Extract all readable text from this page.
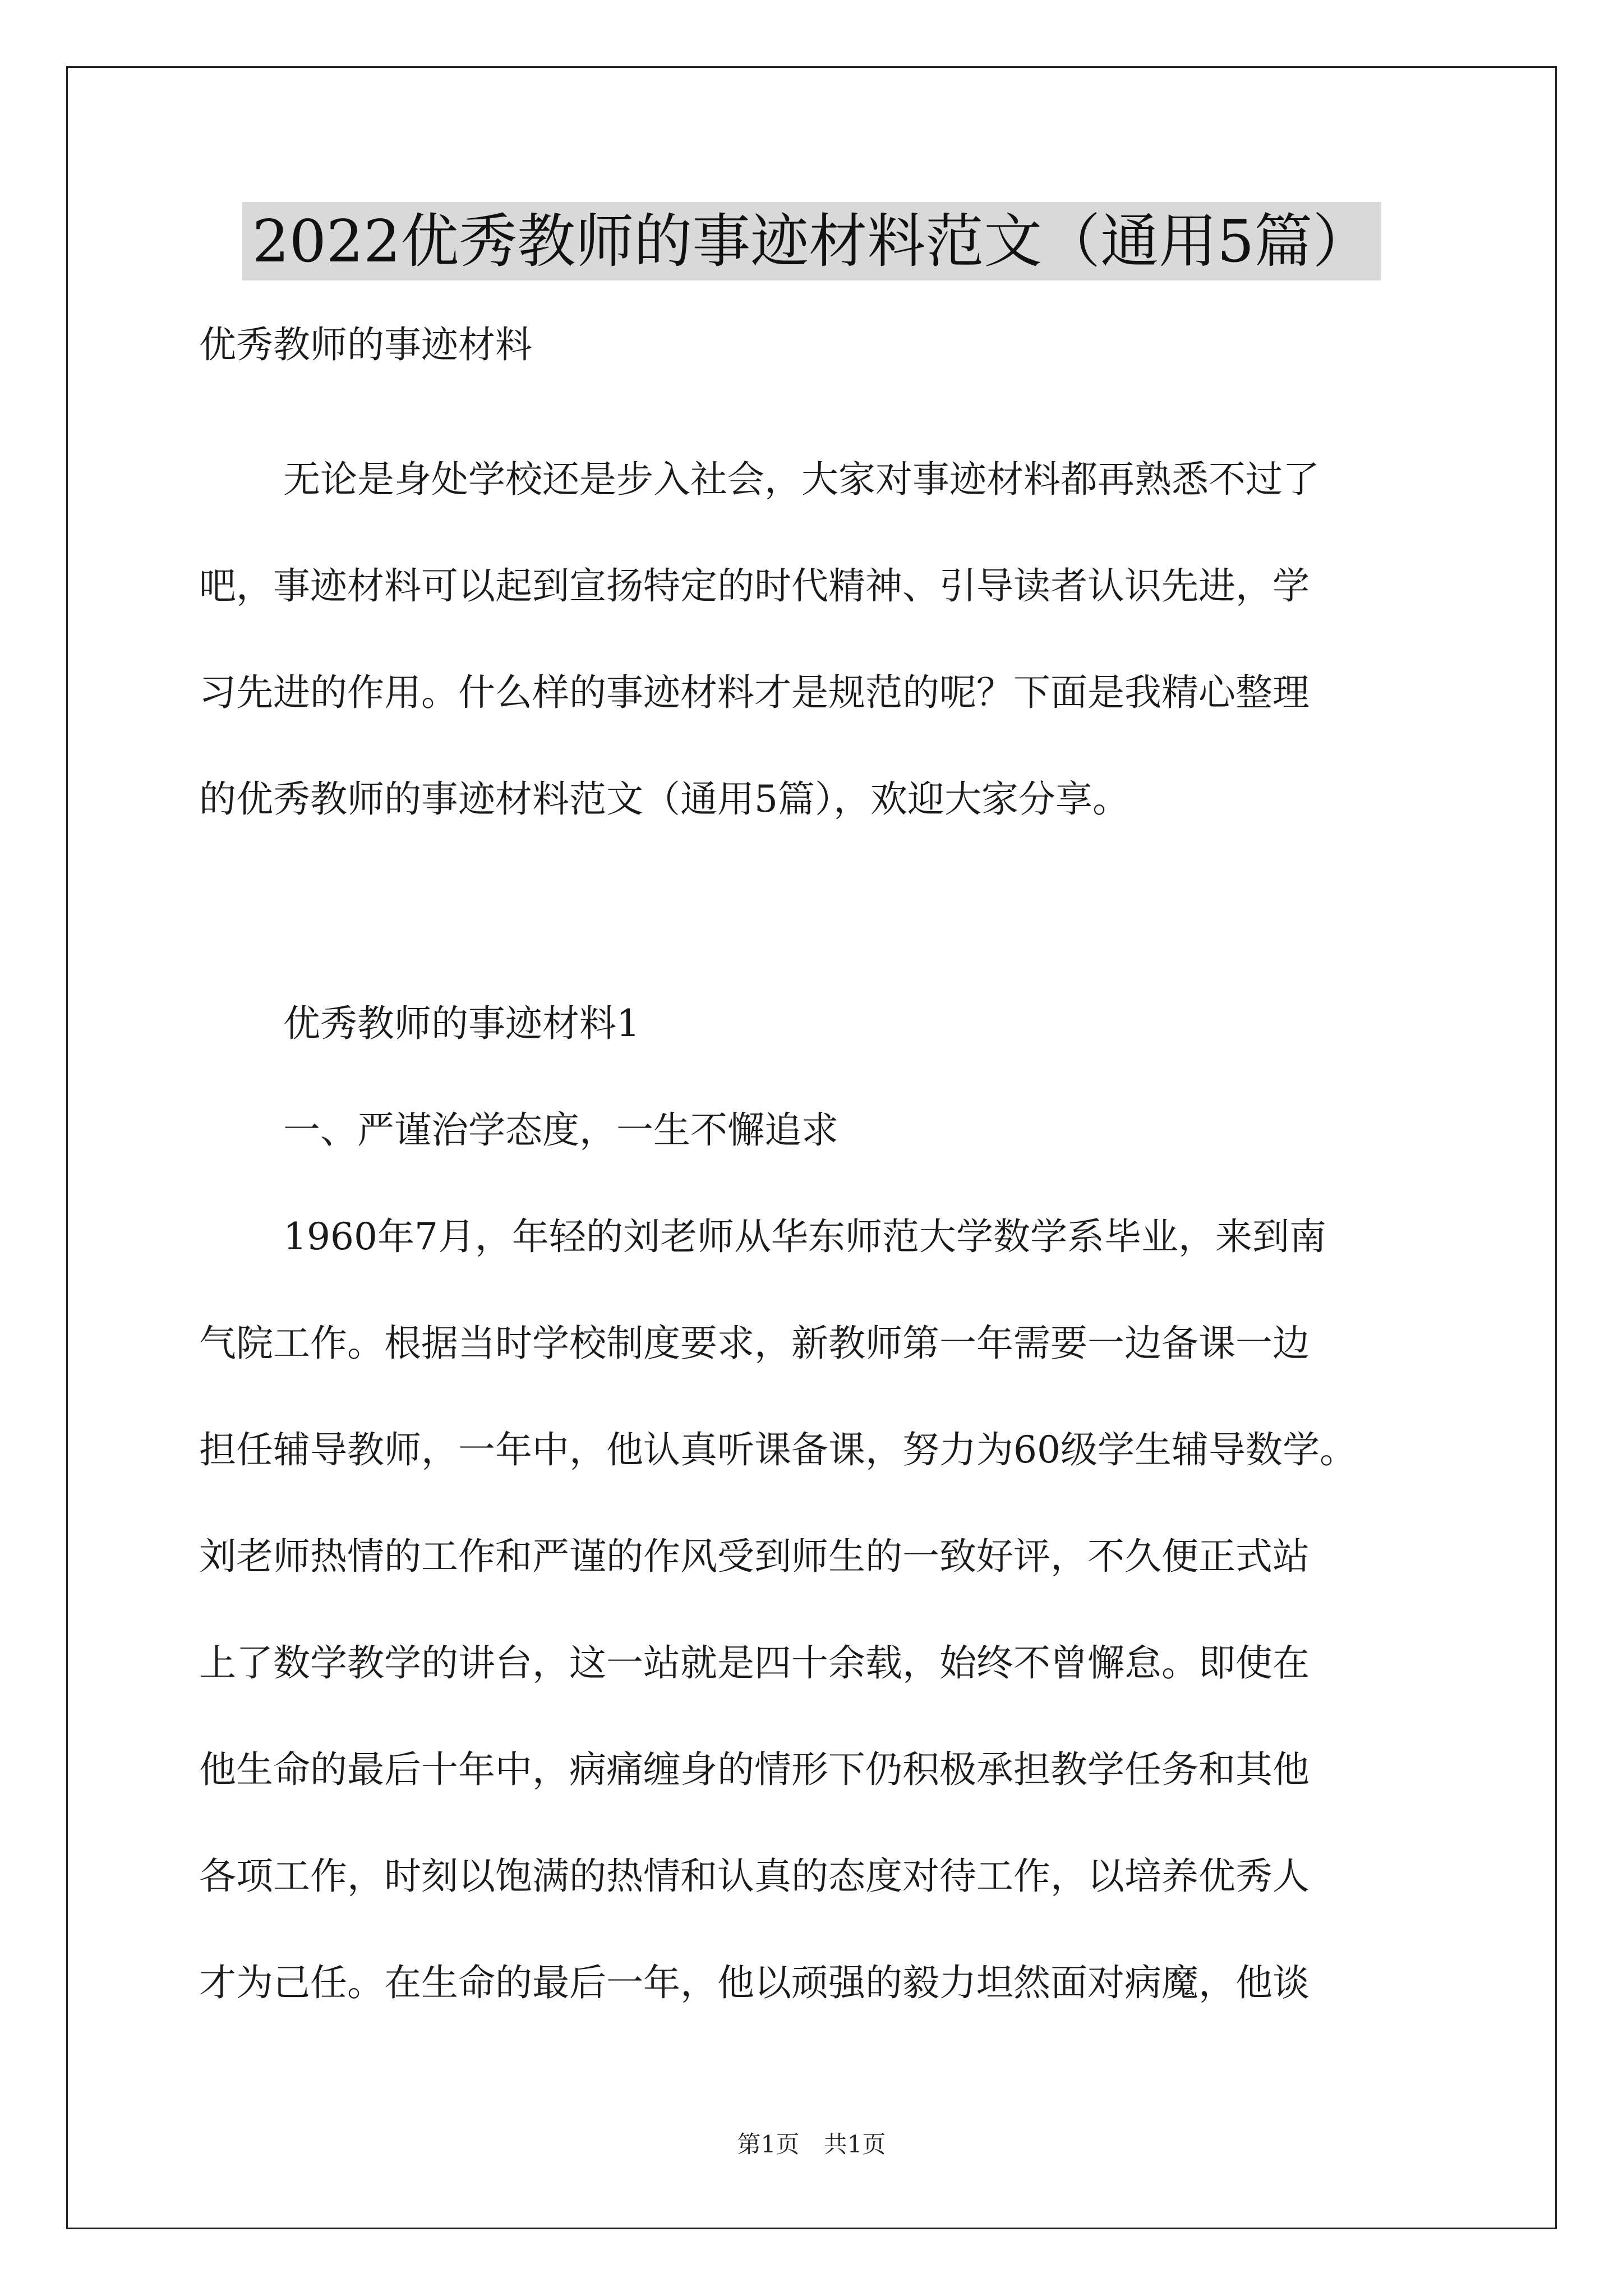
2022优秀教师的事迹材料范文（通用5篇）
优秀教师的事迹材料
无论是身处学校还是步入社会，大家对事迹材料都再熟悉不过了
吧，事迹材料可以起到宣扬特定的时代精神、引导读者认识先进，学
习先进的作用。什么样的事迹材料才是规范的呢？下面是我精心整理
的优秀教师的事迹材料范文（通用5篇），欢迎大家分享。
优秀教师的事迹材料1
一、严谨治学态度，一生不懈追求
1960年7月，年轻的刘老师从华东师范大学数学系毕业，来到南
气院工作。根据当时学校制度要求，新教师第一年需要一边备课一边
担任辅导教师，一年中，他认真听课备课，努力为60级学生辅导数学。
刘老师热情的工作和严谨的作风受到师生的一致好评，不久便正式站
上了数学教学的讲台，这一站就是四十余载，始终不曾懈怠。即使在
他生命的最后十年中，病痛缠身的情形下仍积极承担教学任务和其他
各项工作，时刻以饱满的热情和认真的态度对待工作，以培养优秀人
才为己任。在生命的最后一年，他以顽强的毅力坦然面对病魔，他谈
第1页 共1页
